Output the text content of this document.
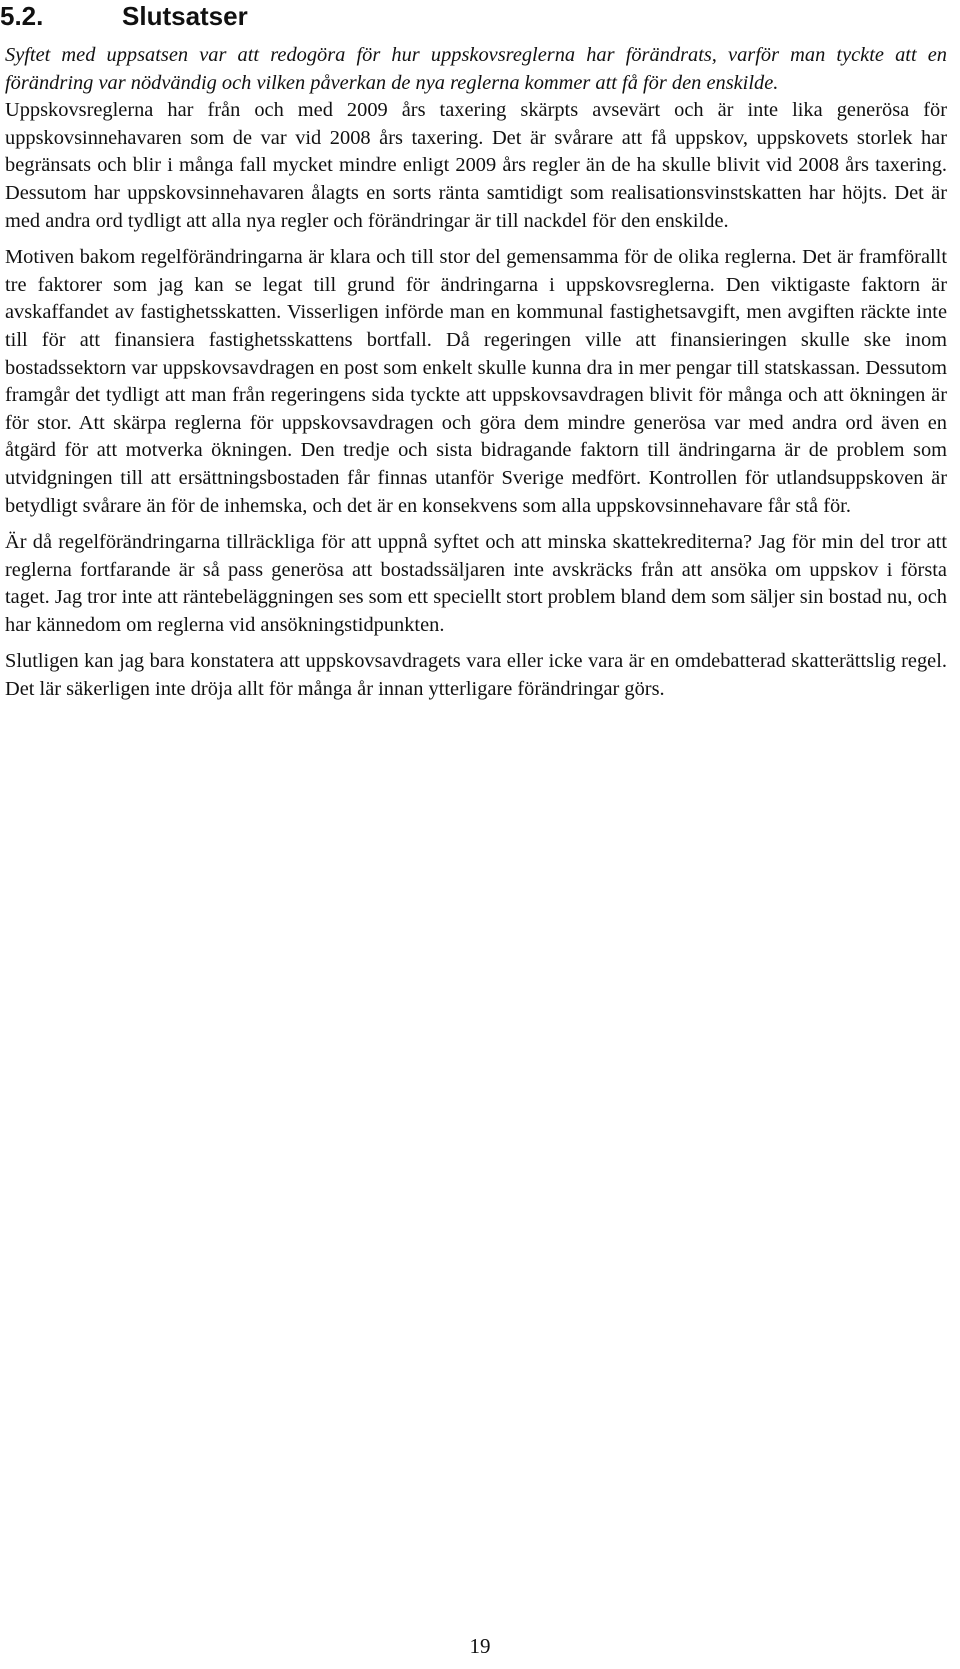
5.2.	Slutsatser

Syftet med uppsatsen var att redogöra för hur uppskovsreglerna har förändrats, varför man tyckte att en förändring var nödvändig och vilken påverkan de nya reglerna kommer att få för den enskilde.

Uppskovsreglerna har från och med 2009 års taxering skärpts avsevärt och är inte lika generösa för uppskovsinnehavaren som de var vid 2008 års taxering. Det är svårare att få uppskov, uppskovets storlek har begränsats och blir i många fall mycket mindre enligt 2009 års regler än de ha skulle blivit vid 2008 års taxering. Dessutom har uppskovsinnehavaren ålagts en sorts ränta samtidigt som realisationsvinstskatten har höjts. Det är med andra ord tydligt att alla nya regler och förändringar är till nackdel för den enskilde.

Motiven bakom regelförändringarna är klara och till stor del gemensamma för de olika reglerna. Det är framförallt tre faktorer som jag kan se legat till grund för ändringarna i uppskovsreglerna. Den viktigaste faktorn är avskaffandet av fastighetsskatten. Visserligen införde man en kommunal fastighetsavgift, men avgiften räckte inte till för att finansiera fastighetsskattens bortfall. Då regeringen ville att finansieringen skulle ske inom bostadssektorn var uppskovsavdragen en post som enkelt skulle kunna dra in mer pengar till statskassan. Dessutom framgår det tydligt att man från regeringens sida tyckte att uppskovsavdragen blivit för många och att ökningen är för stor. Att skärpa reglerna för uppskovsavdragen och göra dem mindre generösa var med andra ord även en åtgärd för att motverka ökningen. Den tredje och sista bidragande faktorn till ändringarna är de problem som utvidgningen till att ersättningsbostaden får finnas utanför Sverige medfört. Kontrollen för utlandsuppskoven är betydligt svårare än för de inhemska, och det är en konsekvens som alla uppskovsinnehavare får stå för.

Är då regelförändringarna tillräckliga för att uppnå syftet och att minska skattekrediterna? Jag för min del tror att reglerna fortfarande är så pass generösa att bostadssäljaren inte avskräcks från att ansöka om uppskov i första taget. Jag tror inte att räntebeläggningen ses som ett speciellt stort problem bland dem som säljer sin bostad nu, och har kännedom om reglerna vid ansökningstidpunkten.

Slutligen kan jag bara konstatera att uppskovsavdragets vara eller icke vara är en omdebatterad skatterättslig regel. Det lär säkerligen inte dröja allt för många år innan ytterligare förändringar görs.

19
